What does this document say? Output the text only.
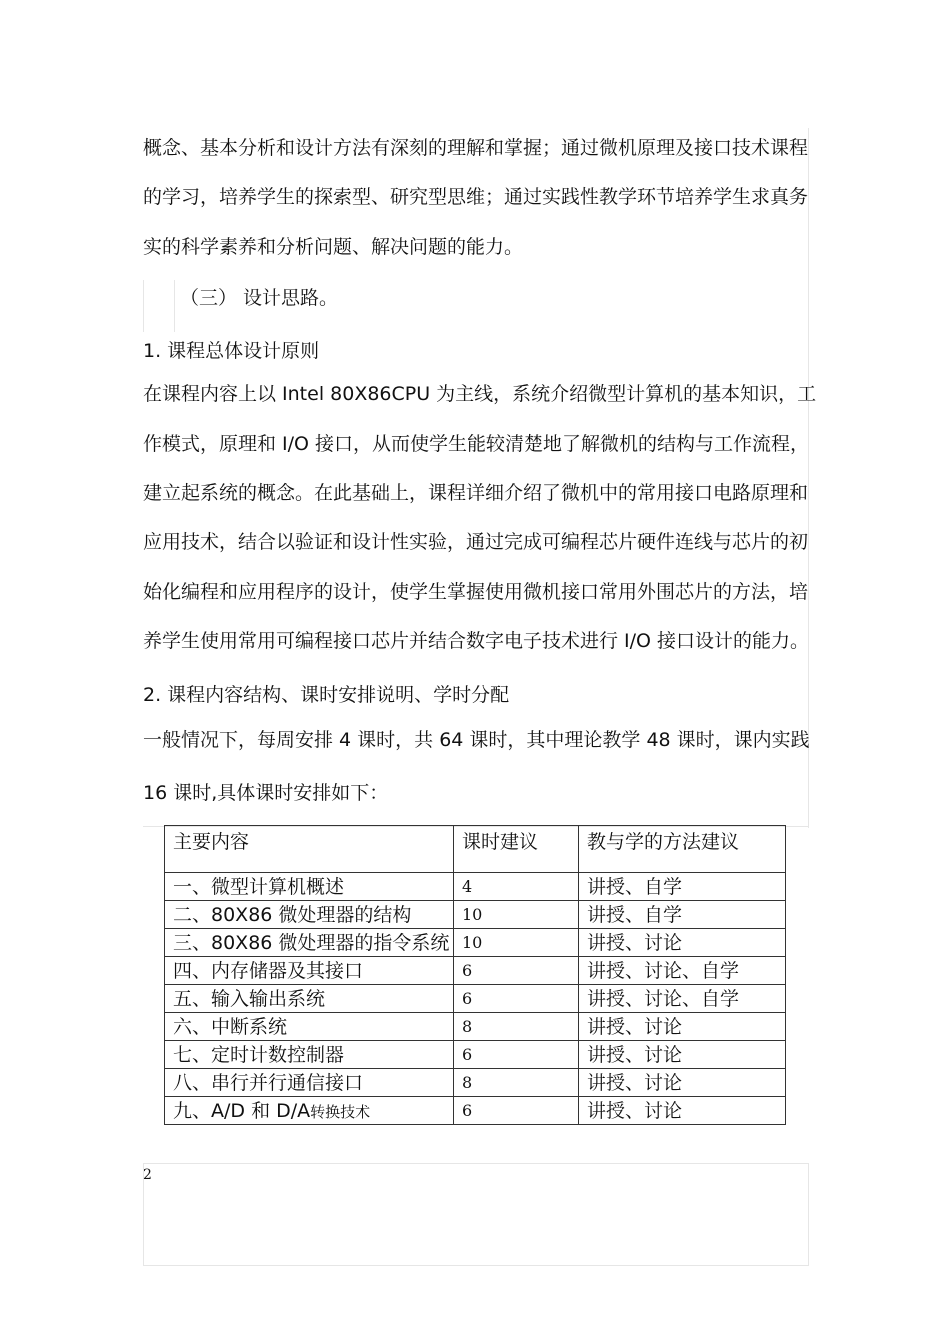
概念、基本分析和设计方法有深刻的理解和掌握；通过微机原理及接口技术课程
的学习，培养学生的探索型、研究型思维；通过实践性教学环节培养学生求真务
实的科学素养和分析问题、解决问题的能力。
（三） 设计思路。
1. 课程总体设计原则
在课程内容上以 Intel 80X86CPU 为主线，系统介绍微型计算机的基本知识，工
作模式，原理和 I/O 接口，从而使学生能较清楚地了解微机的结构与工作流程，
建立起系统的概念。在此基础上，课程详细介绍了微机中的常用接口电路原理和
应用技术，结合以验证和设计性实验，通过完成可编程芯片硬件连线与芯片的初
始化编程和应用程序的设计，使学生掌握使用微机接口常用外围芯片的方法，培
养学生使用常用可编程接口芯片并结合数字电子技术进行 I/O 接口设计的能力。
2. 课程内容结构、课时安排说明、学时分配
一般情况下，每周安排 4 课时，共 64 课时，其中理论教学 48 课时，课内实践
16 课时,具体课时安排如下：
主要内容	课时建议	教与学的方法建议
一、微型计算机概述	4	讲授、自学
二、80X86 微处理器的结构	10	讲授、自学
三、80X86 微处理器的指令系统	10	讲授、讨论
四、内存储器及其接口	6	讲授、讨论、自学
五、输入输出系统	6	讲授、讨论、自学
六、中断系统	8	讲授、讨论
七、定时计数控制器	6	讲授、讨论
八、串行并行通信接口	8	讲授、讨论
九、A/D 和 D/A转换技术	6	讲授、讨论
2
